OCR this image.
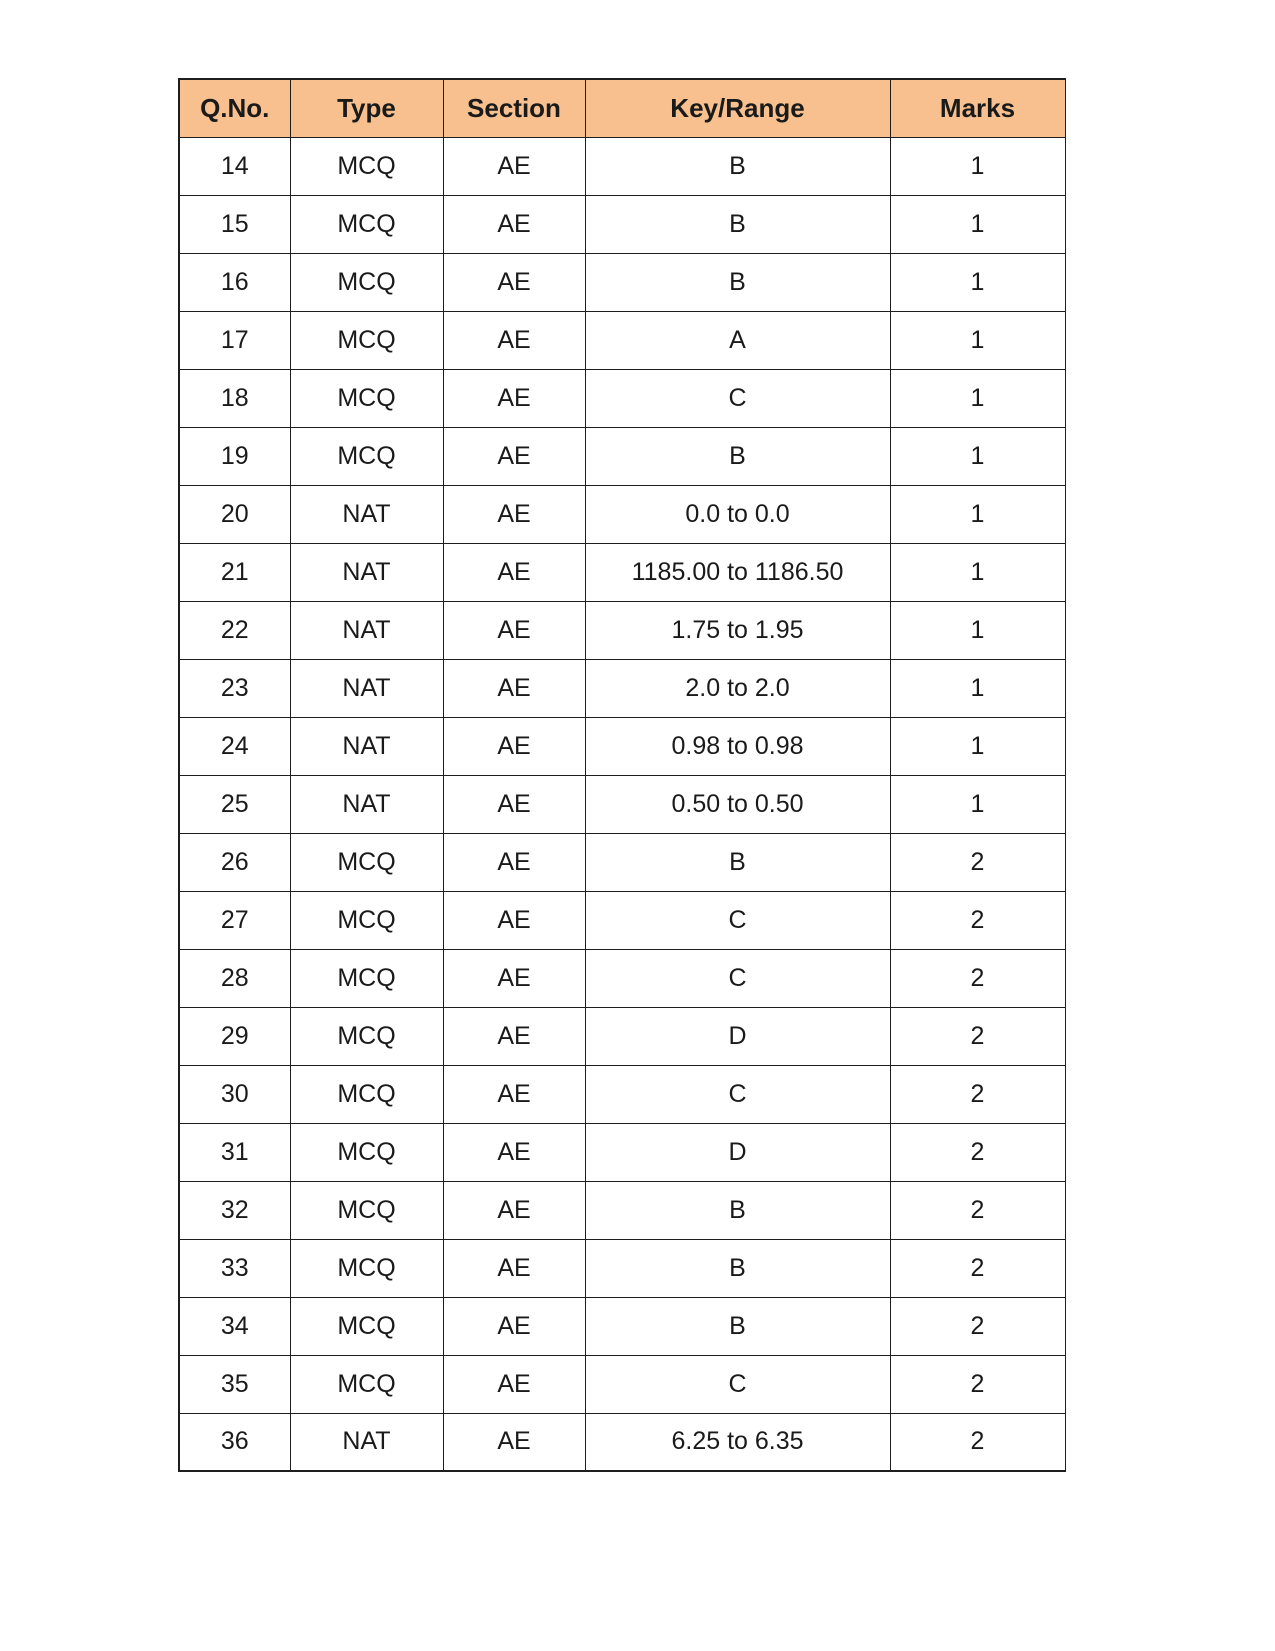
Q.No.	Type	Section	Key/Range	Marks
14	MCQ	AE	B	1
15	MCQ	AE	B	1
16	MCQ	AE	B	1
17	MCQ	AE	A	1
18	MCQ	AE	C	1
19	MCQ	AE	B	1
20	NAT	AE	0.0 to 0.0	1
21	NAT	AE	1185.00 to 1186.50	1
22	NAT	AE	1.75 to 1.95	1
23	NAT	AE	2.0 to 2.0	1
24	NAT	AE	0.98 to 0.98	1
25	NAT	AE	0.50 to 0.50	1
26	MCQ	AE	B	2
27	MCQ	AE	C	2
28	MCQ	AE	C	2
29	MCQ	AE	D	2
30	MCQ	AE	C	2
31	MCQ	AE	D	2
32	MCQ	AE	B	2
33	MCQ	AE	B	2
34	MCQ	AE	B	2
35	MCQ	AE	C	2
36	NAT	AE	6.25 to 6.35	2
